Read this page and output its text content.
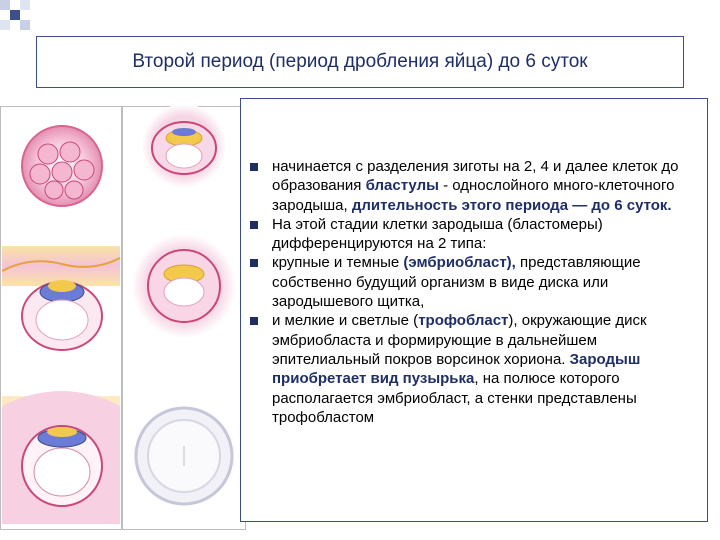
Второй период (период дробления яйца) до 6 суток
начинается с разделения зиготы на 2, 4 и далее клеток до образования бластулы - однослойного много-клеточного зародыша, длительность этого периода — до 6 суток.
На этой стадии клетки зародыша (бластомеры) дифференцируются на 2 типа:
крупные и темные (эмбриобласт), представляющие собственно будущий организм в виде диска или зародышевого щитка,
и мелкие и светлые (трофобласт), окружающие диск эмбриобласта и формирующие в дальнейшем эпителиальный покров ворсинок хориона. Зародыш приобретает вид пузырька, на полюсе которого располагается эмбриобласт, а стенки представлены трофобластом
